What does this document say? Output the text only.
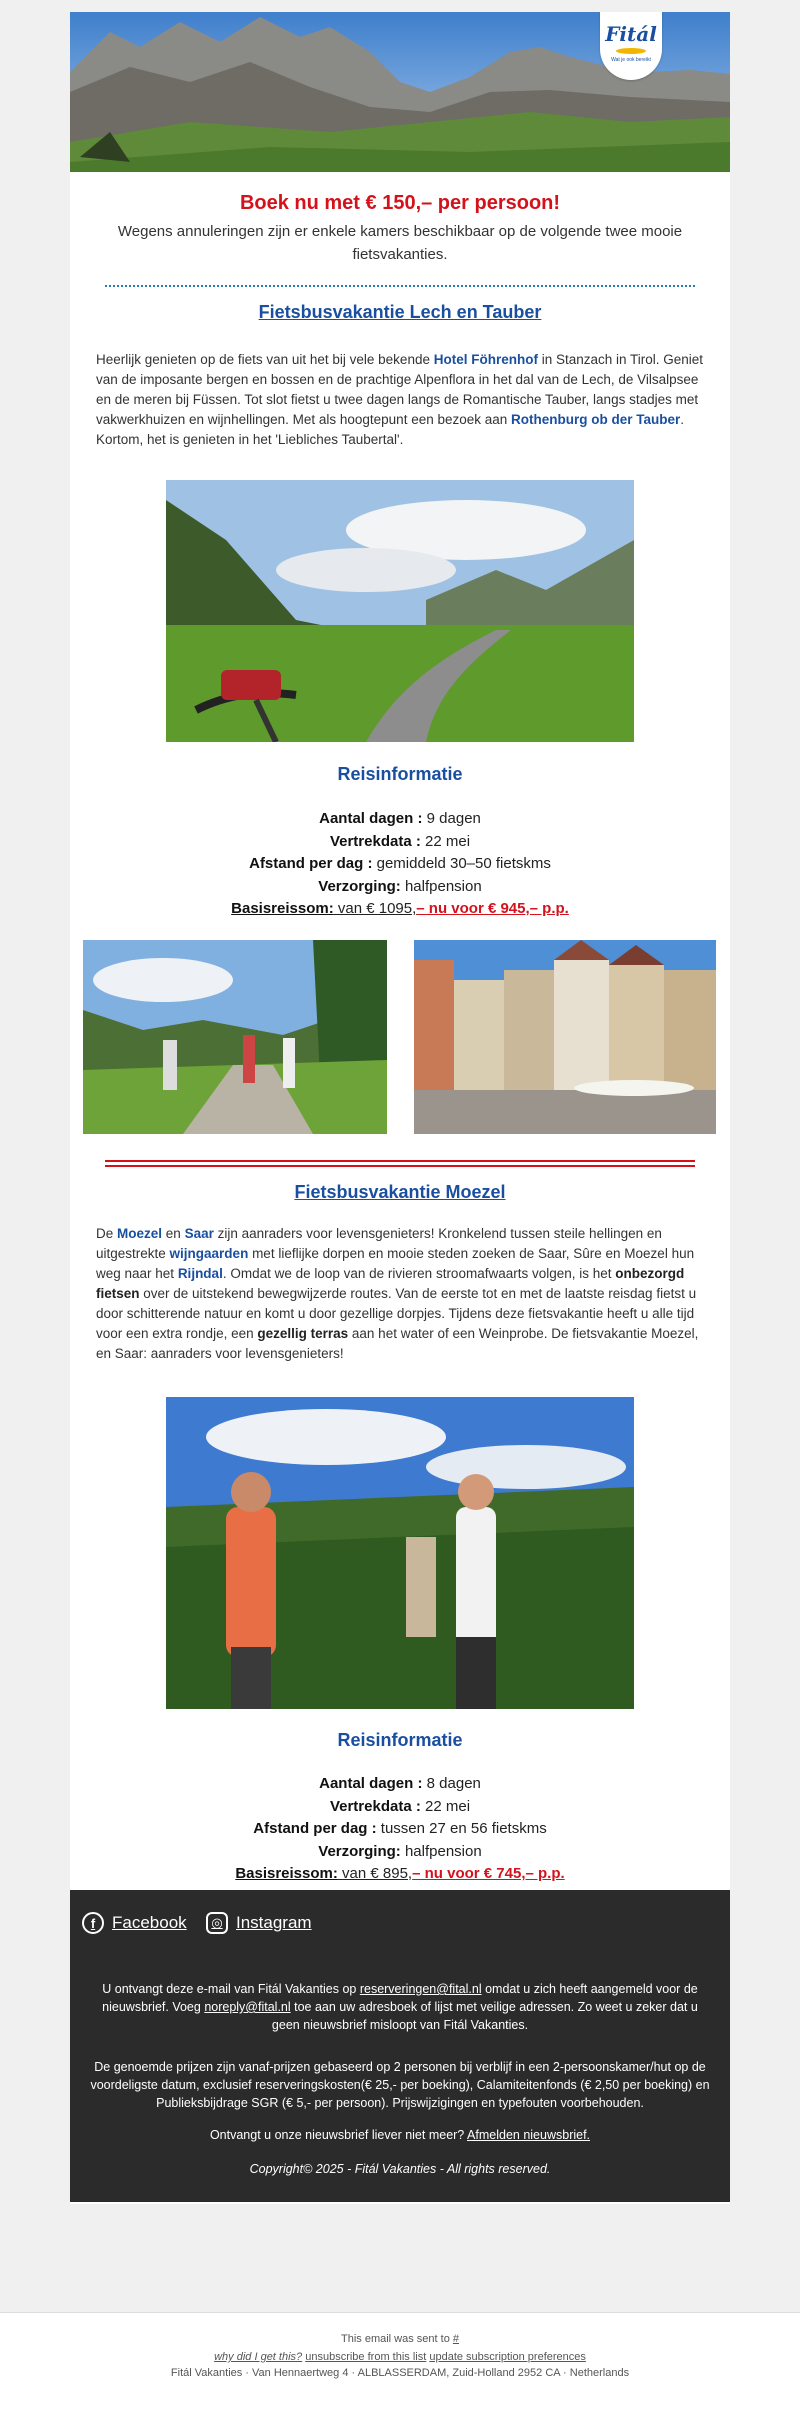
Fitál
Wat je ook bereikt
Boek nu met € 150,– per persoon!
Wegens annuleringen zijn er enkele kamers beschikbaar op de volgende twee mooie fietsvakanties.
Fietsbusvakantie Lech en Tauber
Heerlijk genieten op de fiets van uit het bij vele bekende Hotel Föhrenhof in Stanzach in Tirol. Geniet van de imposante bergen en bossen en de prachtige Alpenflora in het dal van de Lech, de Vilsalpsee en de meren bij Füssen. Tot slot fietst u twee dagen langs de Romantische Tauber, langs stadjes met vakwerkhuizen en wijnhellingen. Met als hoogtepunt een bezoek aan Rothenburg ob der Tauber. Kortom, het is genieten in het 'Liebliches Taubertal'.
Reisinformatie
Aantal dagen : 9 dagen
Vertrekdata : 22 mei
Afstand per dag : gemiddeld 30–50 fietskms
Verzorging: halfpension
Basisreissom: van € 1095,– nu voor € 945,– p.p.
Fietsbusvakantie Moezel
De Moezel en Saar zijn aanraders voor levensgenieters! Kronkelend tussen steile hellingen en uitgestrekte wijngaarden met lieflijke dorpen en mooie steden zoeken de Saar, Sûre en Moezel hun weg naar het Rijndal. Omdat we de loop van de rivieren stroomafwaarts volgen, is het onbezorgd fietsen over de uitstekend bewegwijzerde routes. Van de eerste tot en met de laatste reisdag fietst u door schitterende natuur en komt u door gezellige dorpjes. Tijdens deze fietsvakantie heeft u alle tijd voor een extra rondje, een gezellig terras aan het water of een Weinprobe. De fietsvakantie Moezel, en Saar: aanraders voor levensgenieters!
Reisinformatie
Aantal dagen : 8 dagen
Vertrekdata : 22 mei
Afstand per dag : tussen 27 en 56 fietskms
Verzorging: halfpension
Basisreissom: van € 895,– nu voor € 745,– p.p.
f Facebook	◎ Instagram
U ontvangt deze e-mail van Fitál Vakanties op reserveringen@fital.nl omdat u zich heeft aangemeld voor de nieuwsbrief. Voeg noreply@fital.nl toe aan uw adresboek of lijst met veilige adressen. Zo weet u zeker dat u geen nieuwsbrief misloopt van Fitál Vakanties.
De genoemde prijzen zijn vanaf-prijzen gebaseerd op 2 personen bij verblijf in een 2-persoonskamer/hut op de voordeligste datum, exclusief reserveringskosten(€ 25,- per boeking), Calamiteitenfonds (€ 2,50 per boeking) en Publieksbijdrage SGR (€ 5,- per persoon). Prijswijzigingen en typefouten voorbehouden.
Ontvangt u onze nieuwsbrief liever niet meer? Afmelden nieuwsbrief.
Copyright© 2025 - Fitál Vakanties - All rights reserved.
This email was sent to #
why did I get this? unsubscribe from this list update subscription preferences
Fitál Vakanties · Van Hennaertweg 4 · ALBLASSERDAM, Zuid-Holland 2952 CA · Netherlands
